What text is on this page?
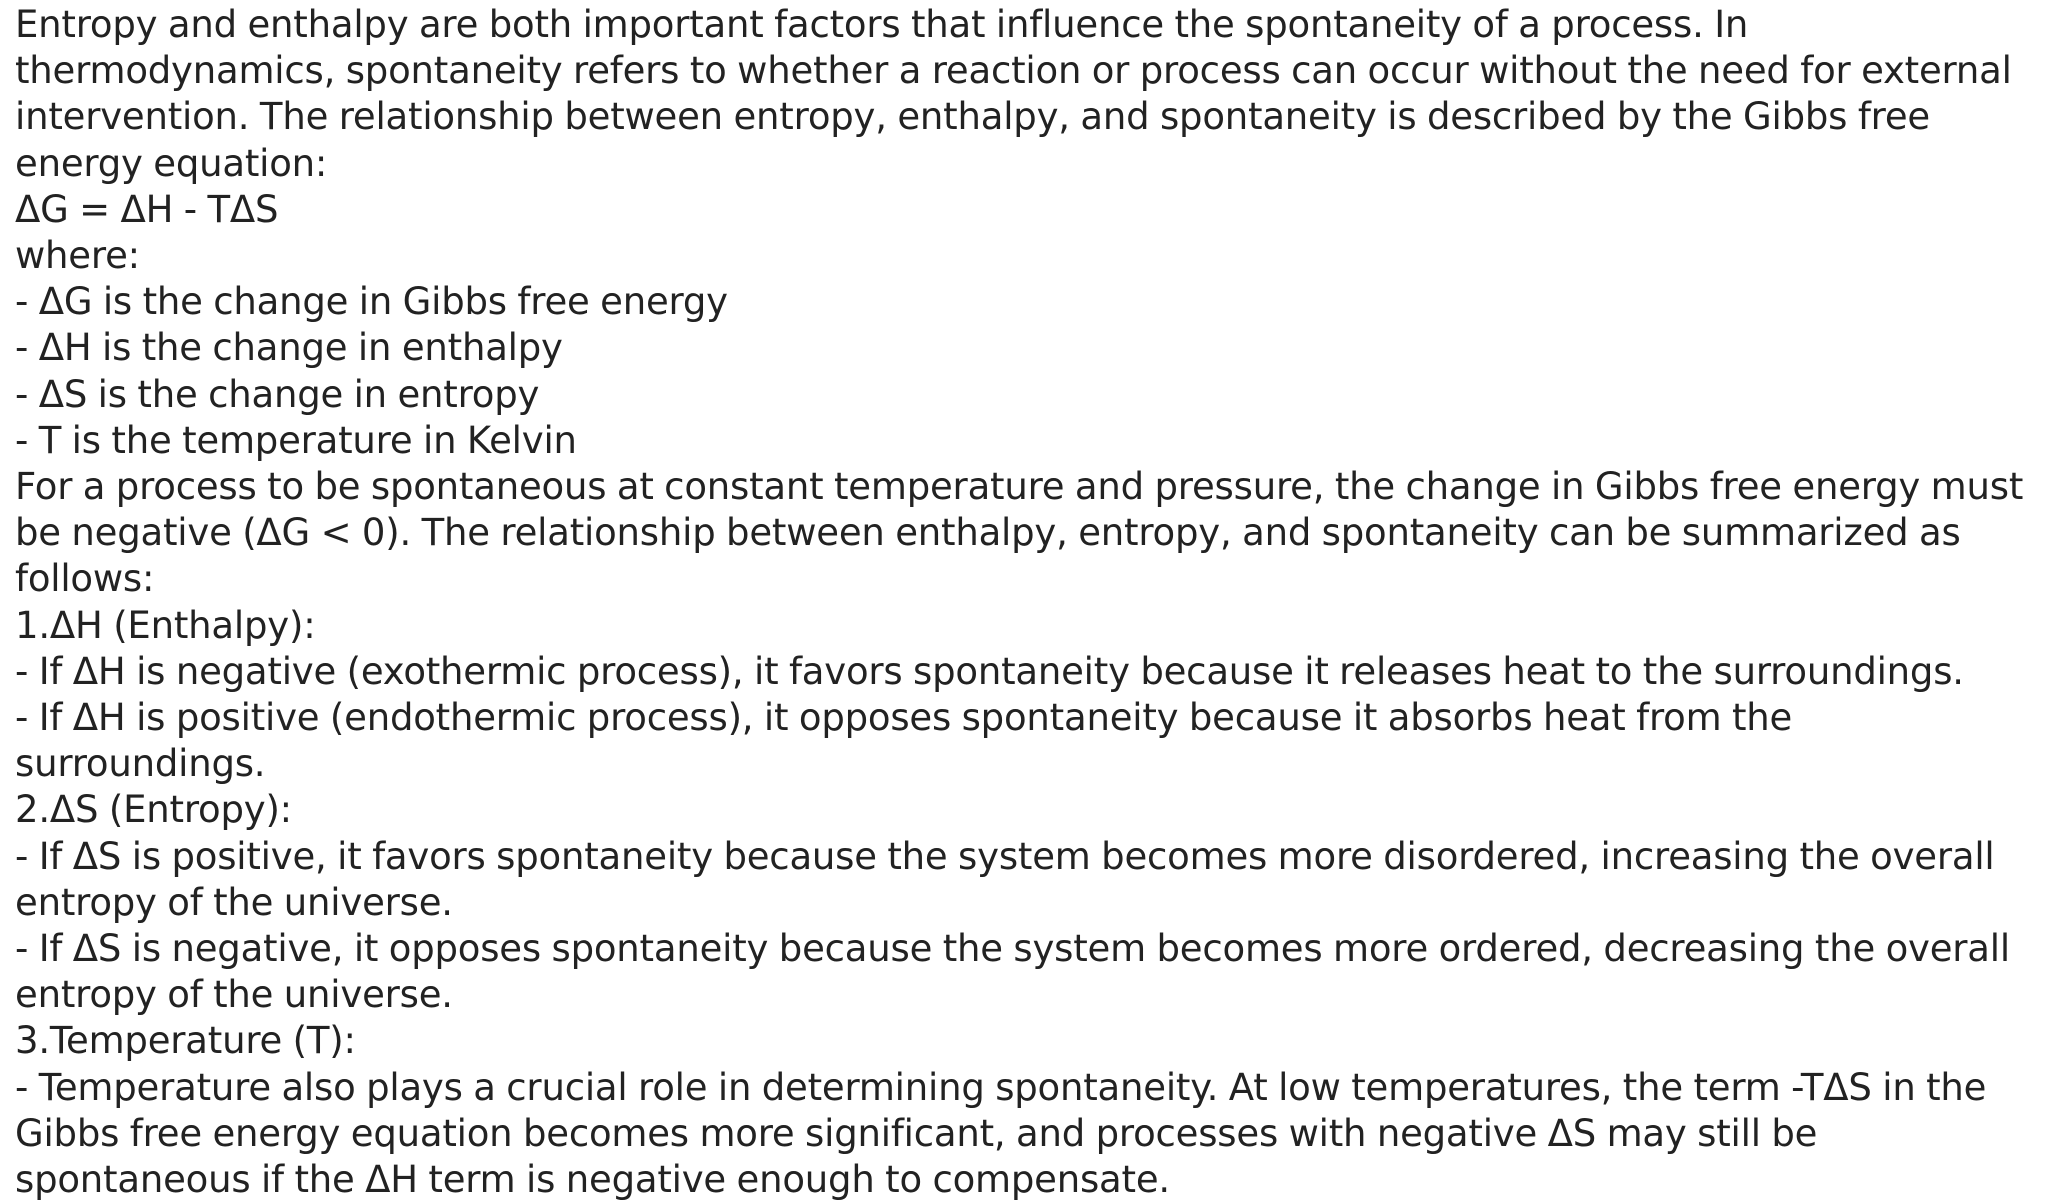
Entropy and enthalpy are both important factors that influence the spontaneity of a process. In thermodynamics, spontaneity refers to whether a reaction or process can occur without the need for external intervention. The relationship between entropy, enthalpy, and spontaneity is described by the Gibbs free energy equation:

ΔG = ΔH - TΔS

where:

- ΔG is the change in Gibbs free energy

- ΔH is the change in enthalpy

- ΔS is the change in entropy

- T is the temperature in Kelvin

For a process to be spontaneous at constant temperature and pressure, the change in Gibbs free energy must be negative (ΔG < 0). The relationship between enthalpy, entropy, and spontaneity can be summarized as follows:

1.ΔH (Enthalpy):

- If ΔH is negative (exothermic process), it favors spontaneity because it releases heat to the surroundings.

- If ΔH is positive (endothermic process), it opposes spontaneity because it absorbs heat from the surroundings.

2.ΔS (Entropy):

- If ΔS is positive, it favors spontaneity because the system becomes more disordered, increasing the overall entropy of the universe.

- If ΔS is negative, it opposes spontaneity because the system becomes more ordered, decreasing the overall entropy of the universe.

3.Temperature (T):

- Temperature also plays a crucial role in determining spontaneity. At low temperatures, the term -TΔS in the Gibbs free energy equation becomes more significant, and processes with negative ΔS may still be spontaneous if the ΔH term is negative enough to compensate.
